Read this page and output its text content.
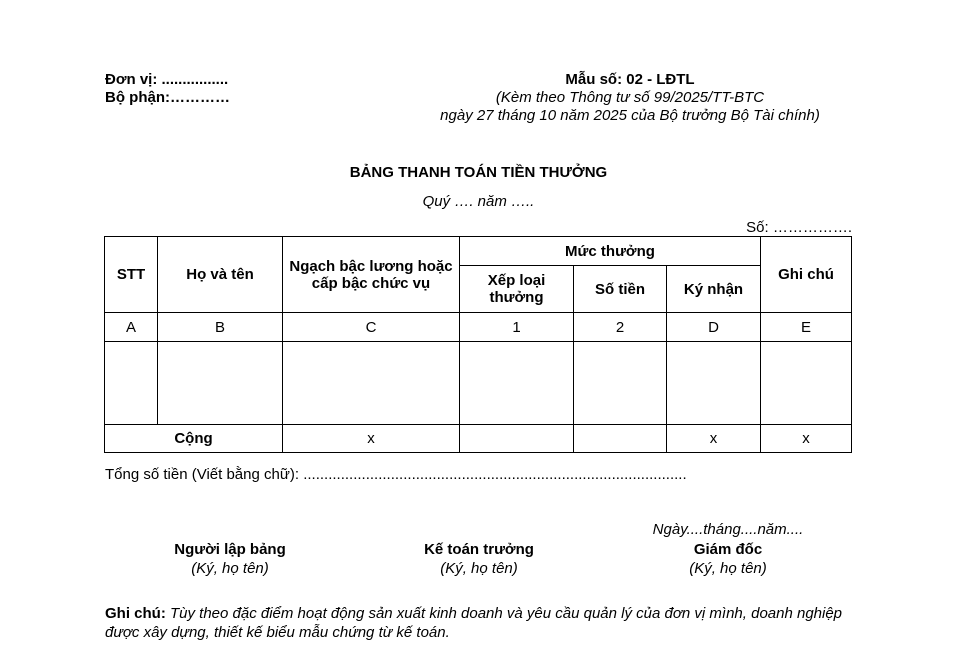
Đơn vị: ................
Bộ phận:…………
Mẫu số: 02 - LĐTL
(Kèm theo Thông tư số 99/2025/TT-BTC
ngày 27 tháng 10 năm 2025 của Bộ trưởng Bộ Tài chính)
BẢNG THANH TOÁN TIỀN THƯỞNG
Quý …. năm …..
Số: …………….
STT	Họ và tên	Ngạch bậc lương hoặc cấp bậc chức vụ	Mức thưởng			Ghi chú
			Xếp loại thưởng	Số tiền	Ký nhận	
A	B	C	1	2	D	E

Cộng		x			x	x
Tổng số tiền (Viết bằng chữ): ............................................................................................
Ngày....tháng....năm....
Người lập bảng
(Ký, họ tên)
Kế toán trưởng
(Ký, họ tên)
Giám đốc
(Ký, họ tên)
Ghi chú: Tùy theo đặc điểm hoạt động sản xuất kinh doanh và yêu cầu quản lý của đơn vị mình, doanh nghiệp được xây dựng, thiết kế biểu mẫu chứng từ kế toán.
